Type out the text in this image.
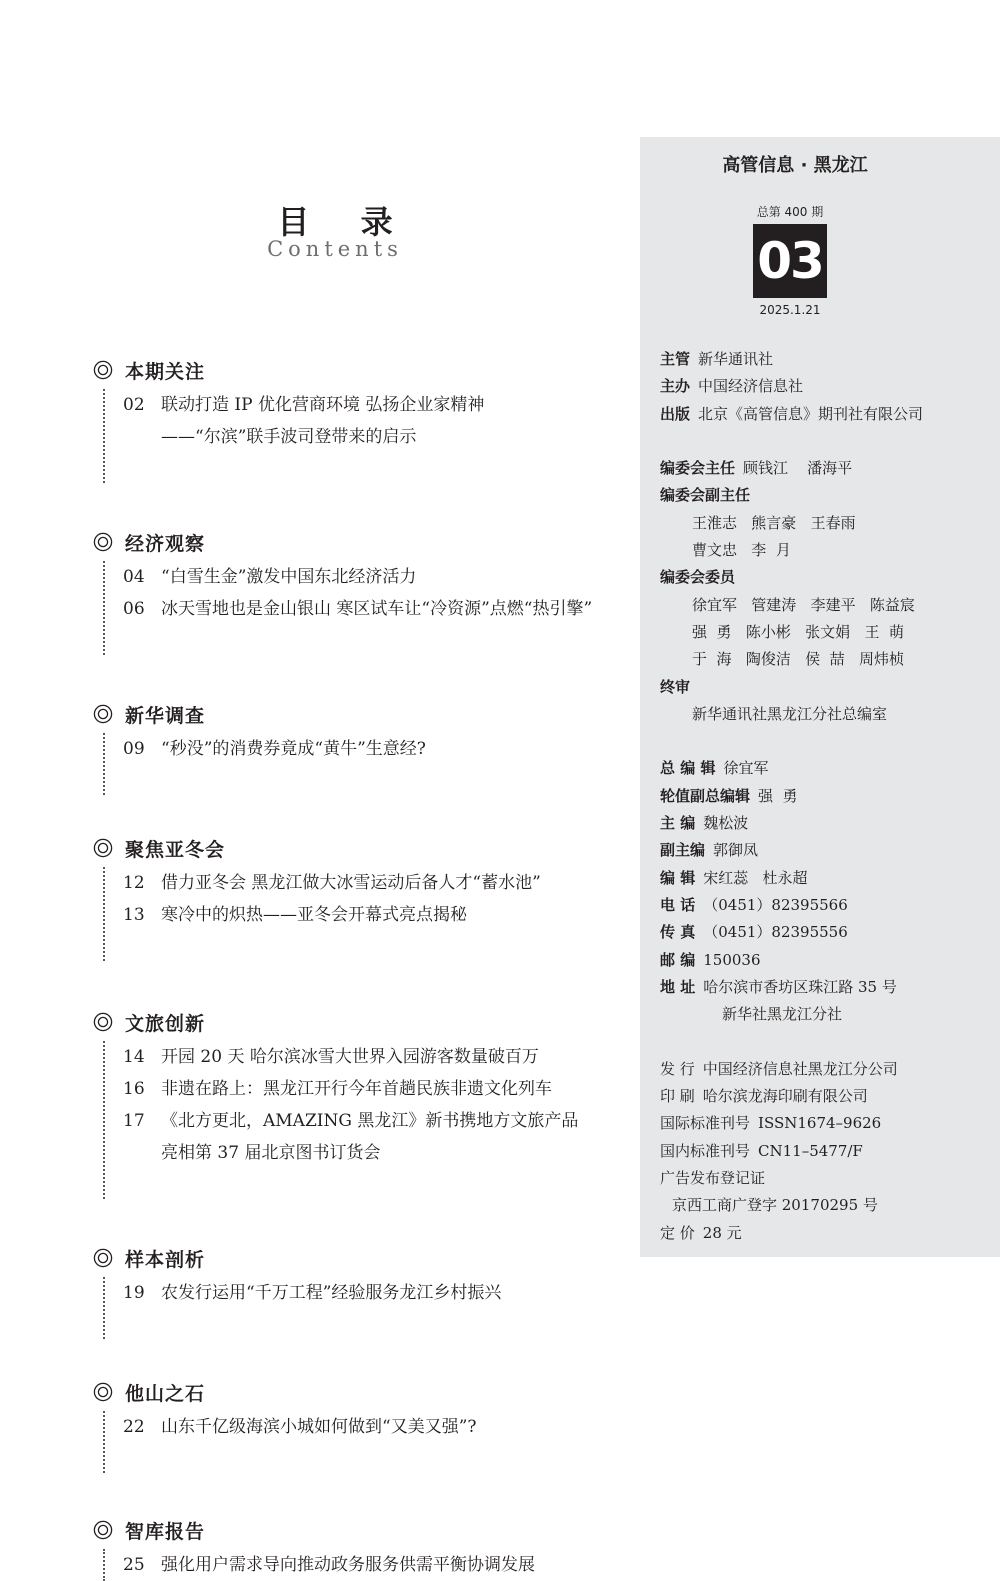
目 录
Contents
本期关注
02 联动打造 IP 优化营商环境 弘扬企业家精神
——“尔滨”联手波司登带来的启示
经济观察
04 “白雪生金”激发中国东北经济活力
06 冰天雪地也是金山银山 寒区试车让“冷资源”点燃“热引擎”
新华调查
09 “秒没”的消费券竟成“黄牛”生意经?
聚焦亚冬会
12 借力亚冬会 黑龙江做大冰雪运动后备人才“蓄水池”
13 寒冷中的炽热——亚冬会开幕式亮点揭秘
文旅创新
14 开园 20 天 哈尔滨冰雪大世界入园游客数量破百万
16 非遗在路上：黑龙江开行今年首趟民族非遗文化列车
17 《北方更北，AMAZING 黑龙江》新书携地方文旅产品
亮相第 37 届北京图书订货会
样本剖析
19 农发行运用“千万工程”经验服务龙江乡村振兴
他山之石
22 山东千亿级海滨小城如何做到“又美又强”?
智库报告
25 强化用户需求导向推动政务服务供需平衡协调发展
高管信息 · 黑龙江
总第 400 期
03
2025.1.21
主管 新华通讯社
主办 中国经济信息社
出版 北京《高管信息》期刊社有限公司
编委会主任 顾钱江    潘海平
编委会副主任
王淮志   熊言豪   王春雨
曹文忠   李  月
编委会委员
徐宜军   管建涛   李建平   陈益宸
强  勇   陈小彬   张文娟   王  萌
于  海   陶俊洁   侯  喆   周炜桢
终审
新华通讯社黑龙江分社总编室
总 编 辑 徐宜军
轮值副总编辑 强  勇
主 编 魏松波
副主编 郭御凤
编 辑 宋红蕊   杜永超
电 话 （0451）82395566
传 真 （0451）82395556
邮 编 150036
地 址 哈尔滨市香坊区珠江路 35 号
新华社黑龙江分社
发 行 中国经济信息社黑龙江分公司
印 刷 哈尔滨龙海印刷有限公司
国际标准刊号 ISSN1674–9626
国内标准刊号 CN11–5477/F
广告发布登记证
京西工商广登字 20170295 号
定 价 28 元
